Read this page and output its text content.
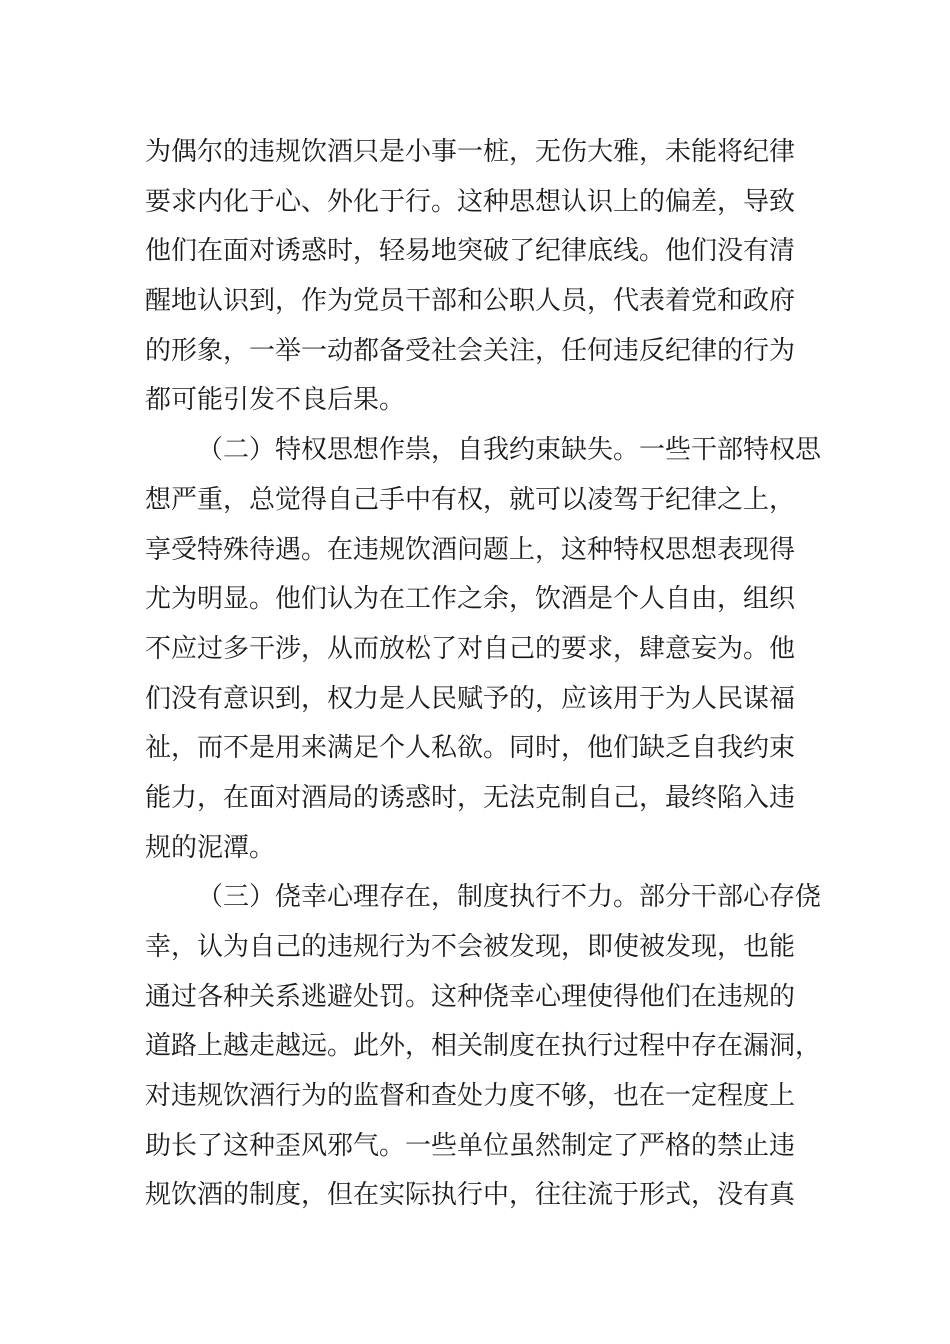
为偶尔的违规饮酒只是小事一桩，无伤大雅，未能将纪律
要求内化于心、外化于行。这种思想认识上的偏差，导致
他们在面对诱惑时，轻易地突破了纪律底线。他们没有清
醒地认识到，作为党员干部和公职人员，代表着党和政府
的形象，一举一动都备受社会关注，任何违反纪律的行为
都可能引发不良后果。
（二）特权思想作祟，自我约束缺失。一些干部特权思
想严重，总觉得自己手中有权，就可以凌驾于纪律之上，
享受特殊待遇。在违规饮酒问题上，这种特权思想表现得
尤为明显。他们认为在工作之余，饮酒是个人自由，组织
不应过多干涉，从而放松了对自己的要求，肆意妄为。他
们没有意识到，权力是人民赋予的，应该用于为人民谋福
祉，而不是用来满足个人私欲。同时，他们缺乏自我约束
能力，在面对酒局的诱惑时，无法克制自己，最终陷入违
规的泥潭。
（三）侥幸心理存在，制度执行不力。部分干部心存侥
幸，认为自己的违规行为不会被发现，即使被发现，也能
通过各种关系逃避处罚。这种侥幸心理使得他们在违规的
道路上越走越远。此外，相关制度在执行过程中存在漏洞，
对违规饮酒行为的监督和查处力度不够，也在一定程度上
助长了这种歪风邪气。一些单位虽然制定了严格的禁止违
规饮酒的制度，但在实际执行中，往往流于形式，没有真
